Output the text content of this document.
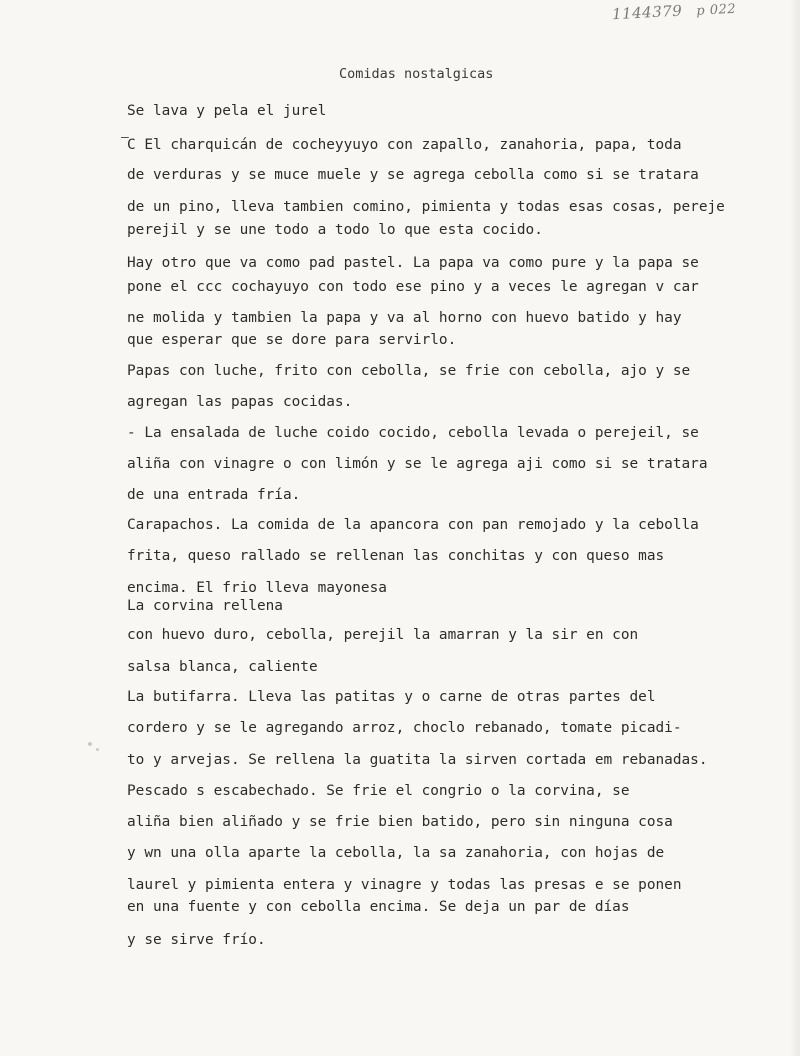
1144379 p 022
Comidas nostalgicas
—
Se lava y pela el jurel
C El charquicán de cocheyyuyo con zapallo, zanahoria, papa, toda
de verduras y se muce muele y se agrega cebolla como si se tratara
de un pino, lleva tambien comino, pimienta y todas esas cosas, pereje
perejil y se une todo a todo lo que esta cocido.
Hay otro que va como pad pastel. La papa va como pure y la papa se
pone el ccc cochayuyo con todo ese pino y a veces le agregan v car
ne molida y tambien la papa y va al horno con huevo batido y hay
que esperar que se dore para servirlo.
Papas con luche, frito con cebolla, se frie con cebolla, ajo y se
agregan las papas cocidas.
- La ensalada de luche coido cocido, cebolla levada o perejeil, se
aliña con vinagre o con limón y se le agrega aji como si se tratara
de una entrada fría.
Carapachos. La comida de la apancora con pan remojado y la cebolla
frita, queso rallado se rellenan las conchitas y con queso mas
encima. El frio lleva mayonesa
La corvina rellena
con huevo duro, cebolla, perejil la amarran y la sir en con
salsa blanca, caliente
La butifarra. Lleva las patitas y o carne de otras partes del
cordero y se le agregando arroz, choclo rebanado, tomate picadi-
to y arvejas. Se rellena la guatita la sirven cortada em rebanadas.
Pescado s escabechado. Se frie el congrio o la corvina, se
aliña bien aliñado y se frie bien batido, pero sin ninguna cosa
y wn una olla aparte la cebolla, la sa zanahoria, con hojas de
laurel y pimienta entera y vinagre y todas las presas e se ponen
en una fuente y con cebolla encima. Se deja un par de días
y se sirve frío.
